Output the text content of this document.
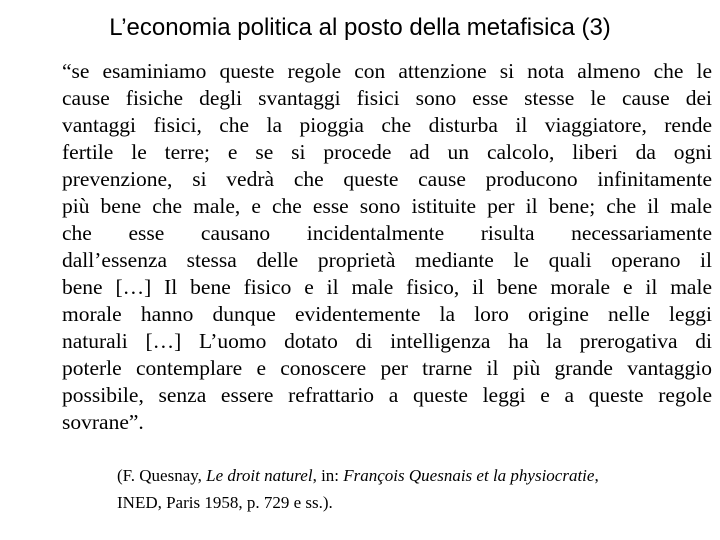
L’economia politica al posto della metafisica (3)
“se esaminiamo queste regole con attenzione si nota almeno che le
cause fisiche degli svantaggi fisici sono esse stesse le cause dei
vantaggi fisici, che la pioggia che disturba il viaggiatore, rende
fertile le terre; e se si procede ad un calcolo, liberi da ogni
prevenzione, si vedrà che queste cause producono infinitamente
più bene che male, e che esse sono istituite per il bene; che il male
che esse causano incidentalmente risulta necessariamente
dall’essenza stessa delle proprietà mediante le quali operano il
bene […] Il bene fisico e il male fisico, il bene morale e il male
morale hanno dunque evidentemente la loro origine nelle leggi
naturali […] L’uomo dotato di intelligenza ha la prerogativa di
poterle contemplare e conoscere per trarne il più grande vantaggio
possibile, senza essere refrattario a queste leggi e a queste regole
sovrane”.
(F. Quesnay, Le droit naturel, in: François Quesnais et la physiocratie,
INED, Paris 1958, p. 729 e ss.).
